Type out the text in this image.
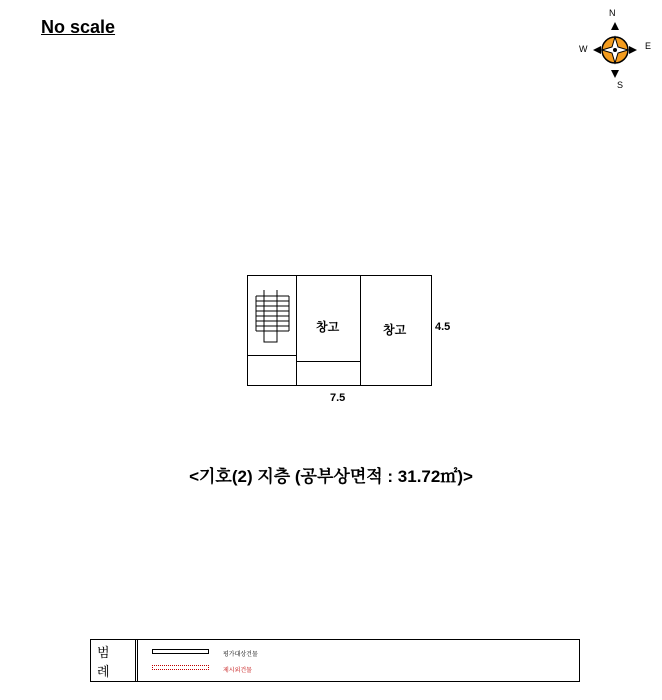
No scale
N
W	E
S
창고	창고	4.5
7.5
<기호(2) 지층 (공부상면적 : 31.72㎡)>
범 례
평가대상건물
제시외건물
